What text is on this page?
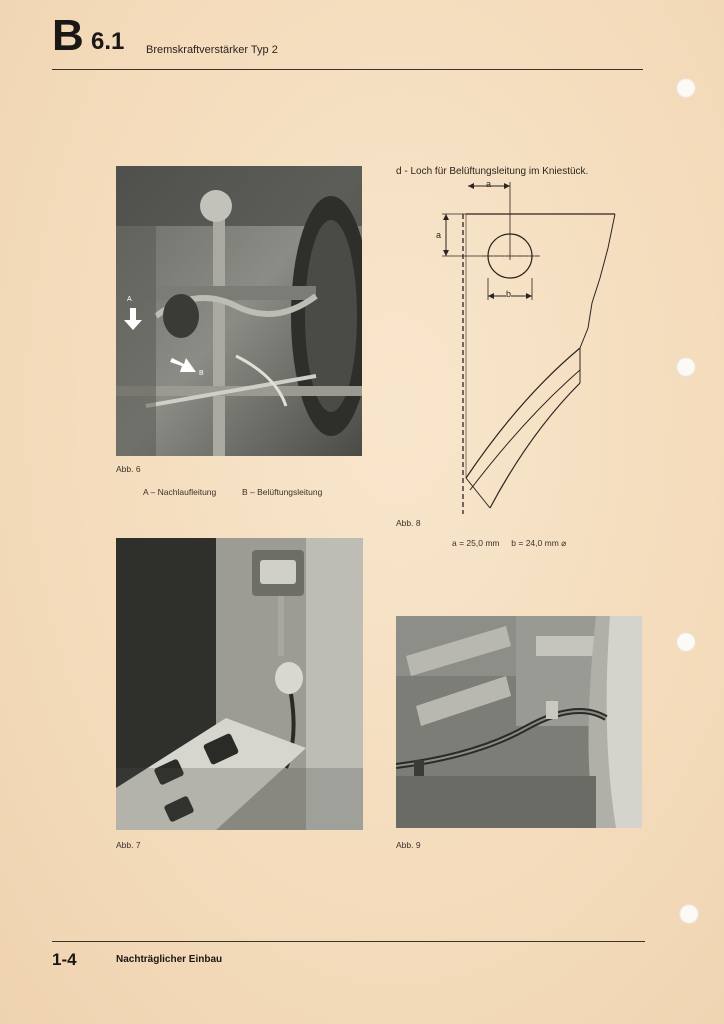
B 6.1 Bremskraftverstärker Typ 2
A
B
Abb. 6
A – Nachlaufleitung	B – Belüftungsleitung
d - Loch für Belüftungsleitung im Kniestück.
a
a
b
Abb. 8
a = 25,0 mm     b = 24,0 mm ⌀
Abb. 7	Abb. 9
1-4	Nachträglicher Einbau
